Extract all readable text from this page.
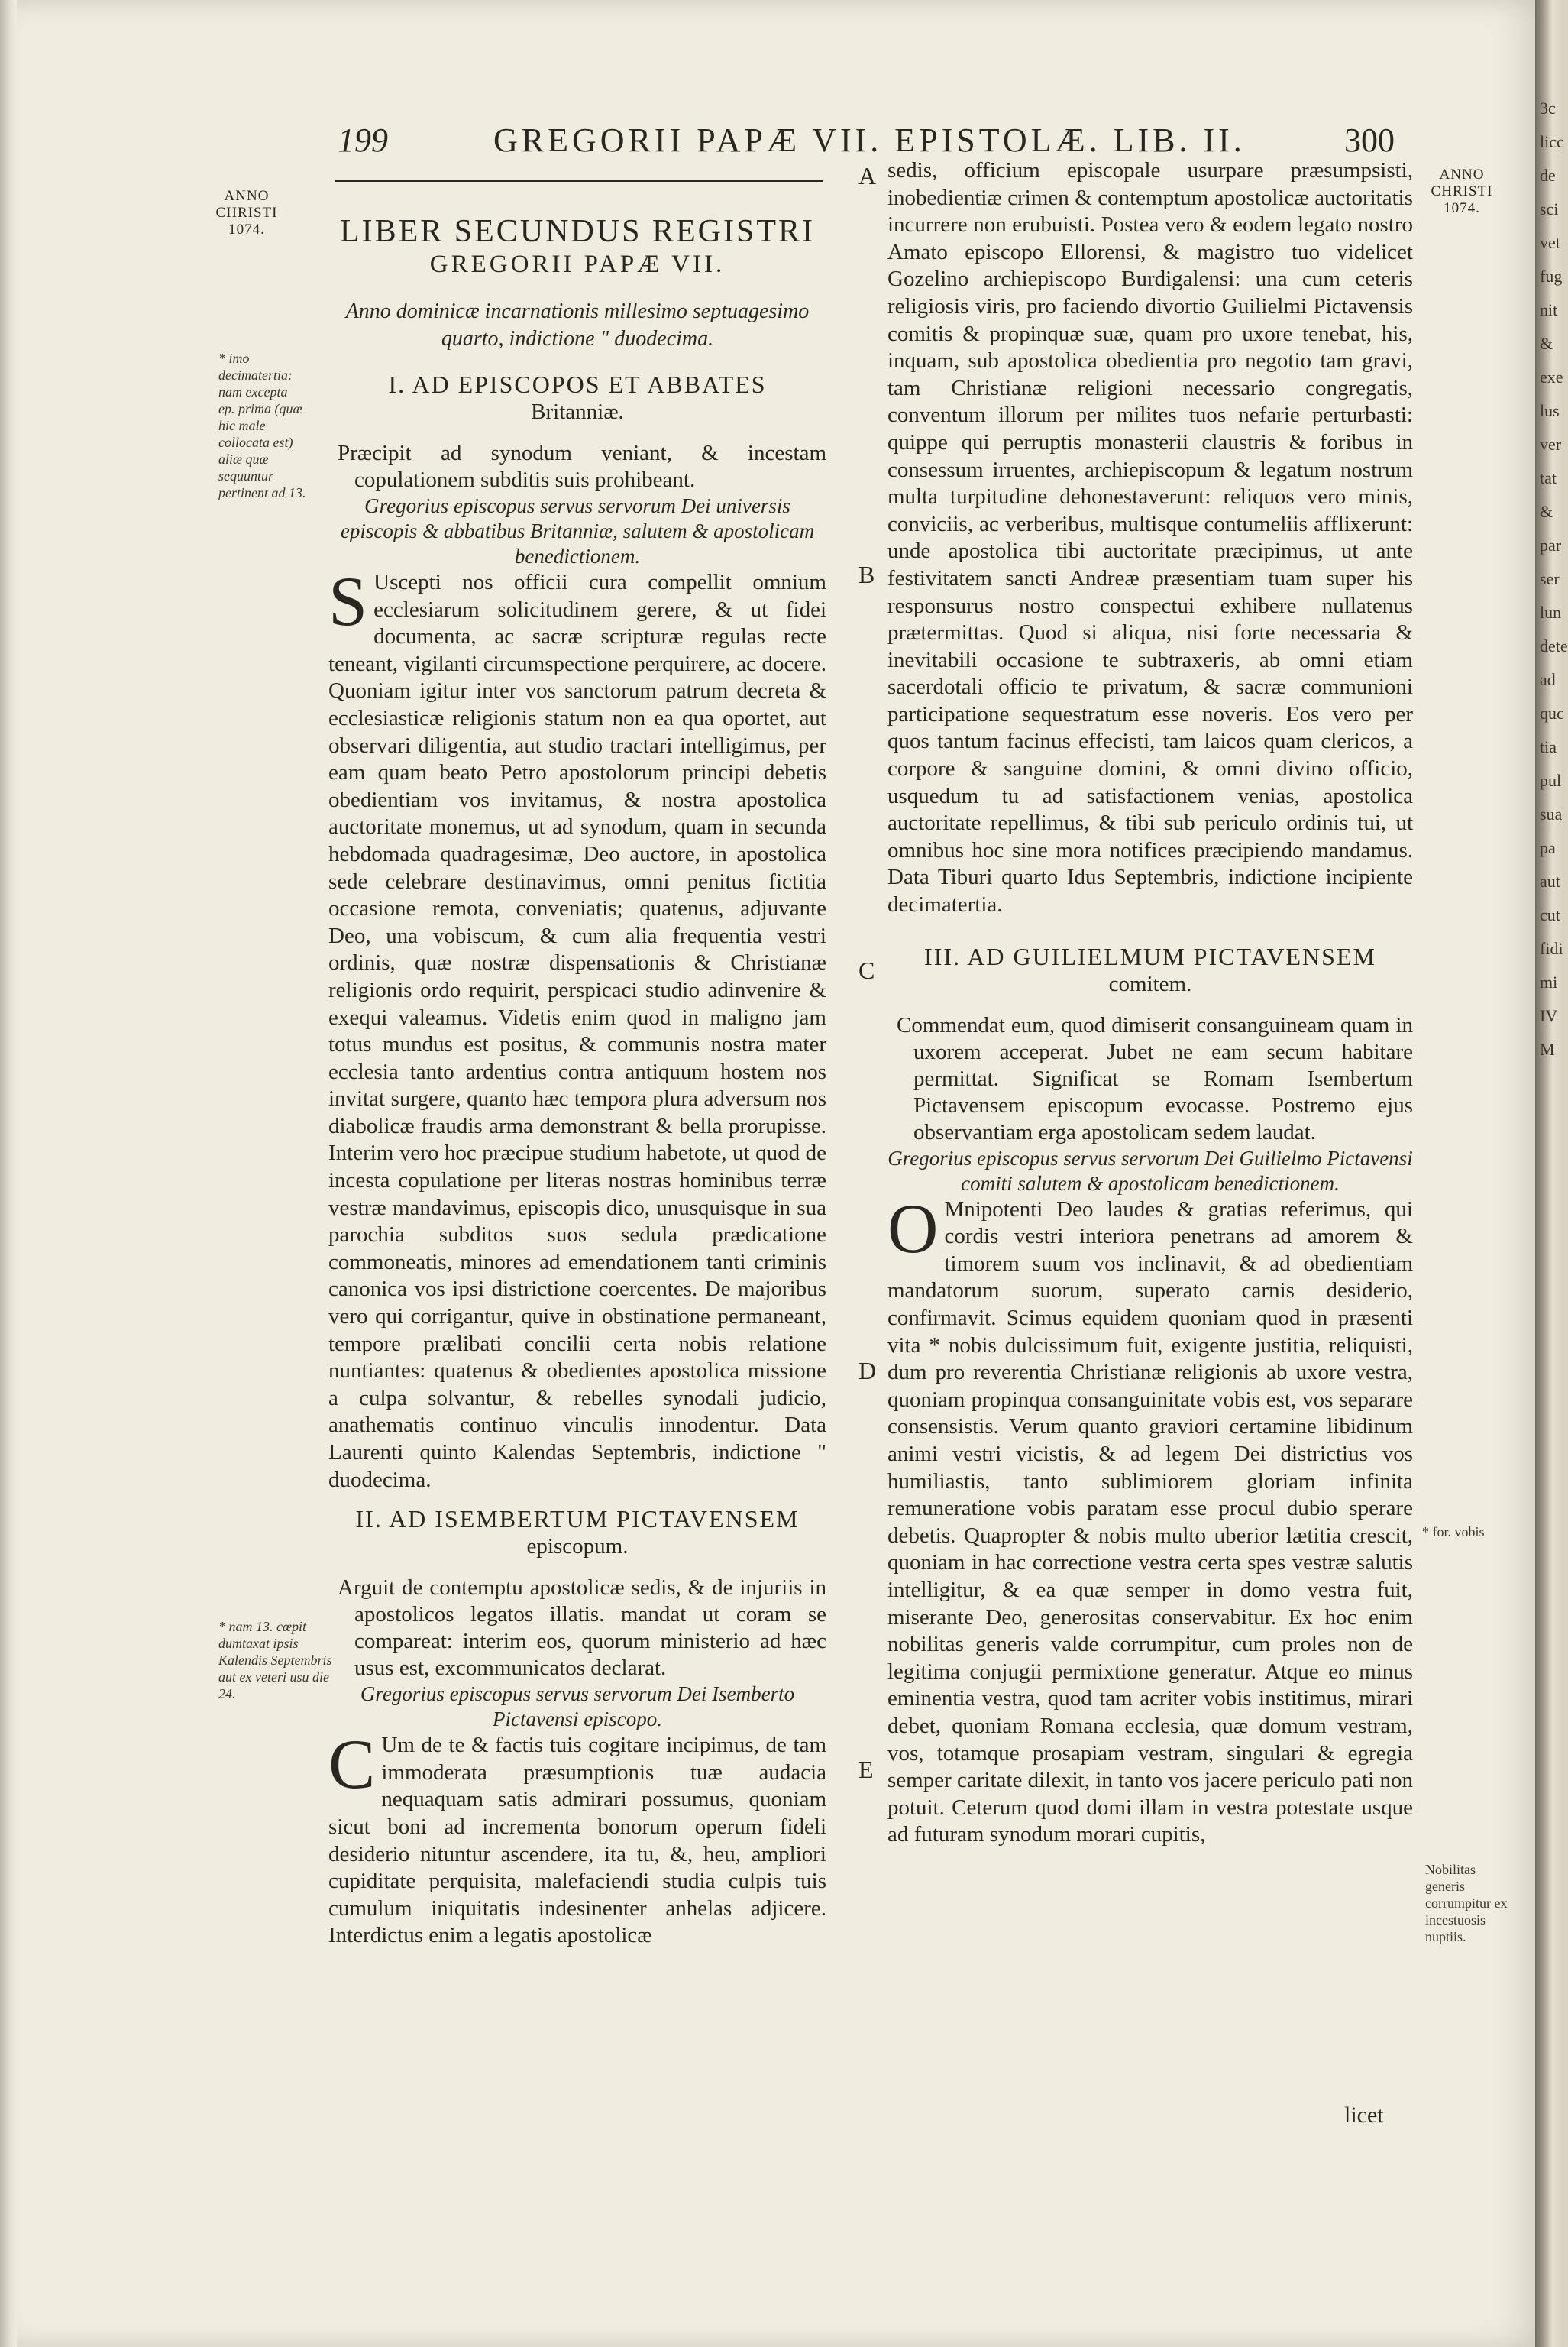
199	GREGORII PAPÆ VII. EPISTOLÆ. LIB. II.	300
ANNO CHRISTI 1074.
* imo decimatertia: nam excepta ep. prima (quæ hic male collocata est) aliæ quæ sequuntur pertinent ad 13.
* nam 13. cœpit dumtaxat ipsis Kalendis Septembris aut ex veteri usu die 24.
LIBER SECUNDUS REGISTRI
GREGORII PAPÆ VII.
Anno dominicæ incarnationis millesimo septuagesimo quarto, indictione " duodecima.
I. AD EPISCOPOS ET ABBATES
Britanniæ.

Præcipit ad synodum veniant, & incestam copulationem subditis suis prohibeant.

Gregorius episcopus servus servorum Dei universis episcopis & abbatibus Britanniæ, salutem & apostolicam benedictionem.

S Uscepti nos officii cura compellit omnium ecclesiarum solicitudinem gerere, & ut fidei documenta, ac sacræ scripturæ regulas recte teneant, vigilanti circumspectione perquirere, ac docere. Quoniam igitur inter vos sanctorum patrum decreta & ecclesiasticæ religionis statum non ea qua oportet, aut observari diligentia, aut studio tractari intelligimus, per eam quam beato Petro apostolorum principi debetis obedientiam vos invitamus, & nostra apostolica auctoritate monemus, ut ad synodum, quam in secunda hebdomada quadragesimæ, Deo auctore, in apostolica sede celebrare destinavimus, omni penitus fictitia occasione remota, conveniatis; quatenus, adjuvante Deo, una vobiscum, & cum alia frequentia vestri ordinis, quæ nostræ dispensationis & Christianæ religionis ordo requirit, perspicaci studio adinvenire & exequi valeamus. Videtis enim quod in maligno jam totus mundus est positus, & communis nostra mater ecclesia tanto ardentius contra antiquum hostem nos invitat surgere, quanto hæc tempora plura adversum nos diabolicæ fraudis arma demonstrant & bella prorupisse. Interim vero hoc præcipue studium habetote, ut quod de incesta copulatione per literas nostras hominibus terræ vestræ mandavimus, episcopis dico, unusquisque in sua parochia subditos suos sedula prædicatione commoneatis, minores ad emendationem tanti criminis canonica vos ipsi districtione coercentes. De majoribus vero qui corrigantur, quive in obstinatione permaneant, tempore prælibati concilii certa nobis relatione nuntiantes: quatenus & obedientes apostolica missione a culpa solvantur, & rebelles synodali judicio, anathematis continuo vinculis innodentur. Data Laurenti quinto Kalendas Septembris, indictione " duodecima.

II. AD ISEMBERTUM PICTAVENSEM
episcopum.

Arguit de contemptu apostolicæ sedis, & de injuriis in apostolicos legatos illatis. mandat ut coram se compareat: interim eos, quorum ministerio ad hæc usus est, excommunicatos declarat.

Gregorius episcopus servus servorum Dei Isemberto Pictavensi episcopo.

C Um de te & factis tuis cogitare incipimus, de tam immoderata præsumptionis tuæ audacia nequaquam satis admirari possumus, quoniam sicut boni ad incrementa bonorum operum fideli desiderio nituntur ascendere, ita tu, &, heu, ampliori cupiditate perquisita, malefaciendi studia culpis tuis cumulum iniquitatis indesinenter anhelas adjicere. Interdictus enim a legatis apostolicæ

A
B
C
D
E

sedis, officium episcopale usurpare præsumpsisti, inobedientiæ crimen & contemptum apostolicæ auctoritatis incurrere non erubuisti. Postea vero & eodem legato nostro Amato episcopo Ellorensi, & magistro tuo videlicet Gozelino archiepiscopo Burdigalensi: una cum ceteris religiosis viris, pro faciendo divortio Guilielmi Pictavensis comitis & propinquæ suæ, quam pro uxore tenebat, his, inquam, sub apostolica obedientia pro negotio tam gravi, tam Christianæ religioni necessario congregatis, conventum illorum per milites tuos nefarie perturbasti: quippe qui perruptis monasterii claustris & foribus in consessum irruentes, archiepiscopum & legatum nostrum multa turpitudine dehonestaverunt: reliquos vero minis, conviciis, ac verberibus, multisque contumeliis afflixerunt: unde apostolica tibi auctoritate præcipimus, ut ante festivitatem sancti Andreæ præsentiam tuam super his responsurus nostro conspectui exhibere nullatenus prætermittas. Quod si aliqua, nisi forte necessaria & inevitabili occasione te subtraxeris, ab omni etiam sacerdotali officio te privatum, & sacræ communioni participatione sequestratum esse noveris. Eos vero per quos tantum facinus effecisti, tam laicos quam clericos, a corpore & sanguine domini, & omni divino officio, usquedum tu ad satisfactionem venias, apostolica auctoritate repellimus, & tibi sub periculo ordinis tui, ut omnibus hoc sine mora notifices præcipiendo mandamus. Data Tiburi quarto Idus Septembris, indictione incipiente decimatertia.

III. AD GUILIELMUM PICTAVENSEM
comitem.

Commendat eum, quod dimiserit consanguineam quam in uxorem acceperat. Jubet ne eam secum habitare permittat. Significat se Romam Isembertum Pictavensem episcopum evocasse. Postremo ejus observantiam erga apostolicam sedem laudat.

Gregorius episcopus servus servorum Dei Guilielmo Pictavensi comiti salutem & apostolicam benedictionem.

O Mnipotenti Deo laudes & gratias referimus, qui cordis vestri interiora penetrans ad amorem & timorem suum vos inclinavit, & ad obedientiam mandatorum suorum, superato carnis desiderio, confirmavit. Scimus equidem quoniam quod in præsenti vita * nobis dulcissimum fuit, exigente justitia, reliquisti, dum pro reverentia Christianæ religionis ab uxore vestra, quoniam propinqua consanguinitate vobis est, vos separare consensistis. Verum quanto graviori certamine libidinum animi vestri vicistis, & ad legem Dei districtius vos humiliastis, tanto sublimiorem gloriam infinita remuneratione vobis paratam esse procul dubio sperare debetis. Quapropter & nobis multo uberior lætitia crescit, quoniam in hac correctione vestra certa spes vestræ salutis intelligitur, & ea quæ semper in domo vestra fuit, miserante Deo, generositas conservabitur. Ex hoc enim nobilitas generis valde corrumpitur, cum proles non de legitima conjugii permixtione generatur. Atque eo minus eminentia vestra, quod tam acriter vobis institimus, mirari debet, quoniam Romana ecclesia, quæ domum vestram, vos, totamque prosapiam vestram, singulari & egregia semper caritate dilexit, in tanto vos jacere periculo pati non potuit. Ceterum quod domi illam in vestra potestate usque ad futuram synodum morari cupitis,

licet
ANNO CHRISTI 1074.
* for. vobis
Nobilitas generis corrumpitur ex incestuosis nuptiis.
3c
licc
de
sci
vet
fug
nit
&
exe
lus
ver
tat
&
par
ser
lun
dete
ad
quc
tia
pul
sua
pa
aut
cut
fidi
mi
IV
M
